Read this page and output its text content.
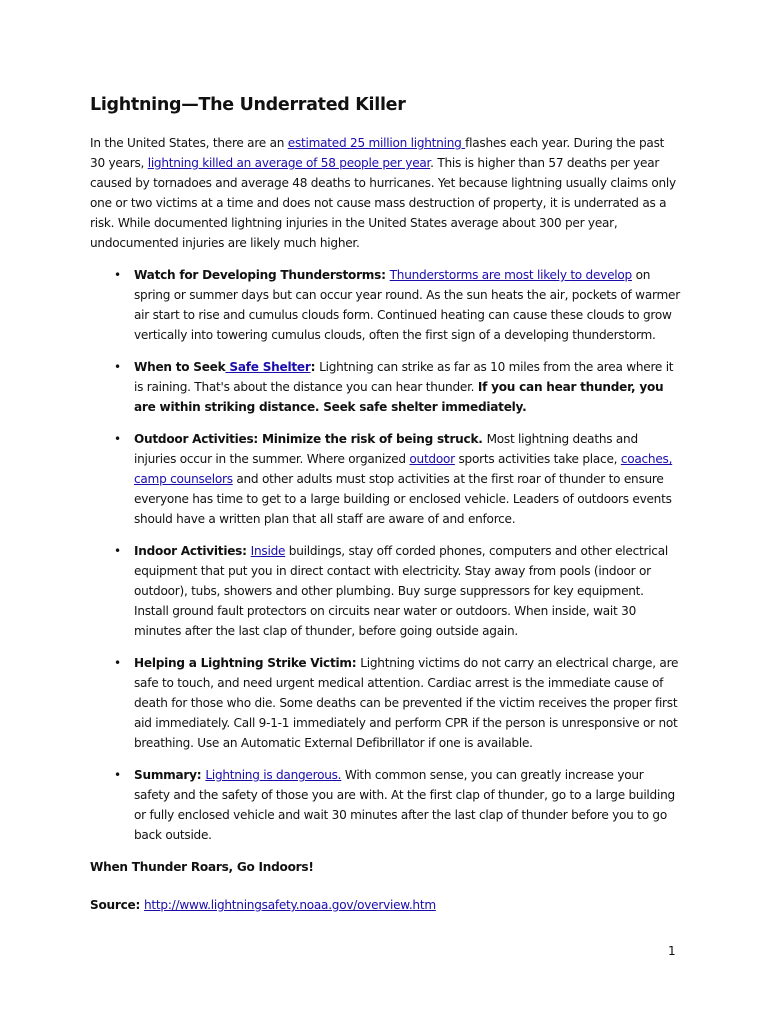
Lightning—The Underrated Killer

In the United States, there are an estimated 25 million lightning flashes each year. During the past 30 years, lightning killed an average of 58 people per year. This is higher than 57 deaths per year caused by tornadoes and average 48 deaths to hurricanes. Yet because lightning usually claims only one or two victims at a time and does not cause mass destruction of property, it is underrated as a risk. While documented lightning injuries in the United States average about 300 per year, undocumented injuries are likely much higher.

• Watch for Developing Thunderstorms: Thunderstorms are most likely to develop on spring or summer days but can occur year round. As the sun heats the air, pockets of warmer air start to rise and cumulus clouds form. Continued heating can cause these clouds to grow vertically into towering cumulus clouds, often the first sign of a developing thunderstorm.
• When to Seek Safe Shelter: Lightning can strike as far as 10 miles from the area where it is raining. That's about the distance you can hear thunder. If you can hear thunder, you are within striking distance. Seek safe shelter immediately.
• Outdoor Activities: Minimize the risk of being struck. Most lightning deaths and injuries occur in the summer. Where organized outdoor sports activities take place, coaches, camp counselors and other adults must stop activities at the first roar of thunder to ensure everyone has time to get to a large building or enclosed vehicle. Leaders of outdoors events should have a written plan that all staff are aware of and enforce.
• Indoor Activities: Inside buildings, stay off corded phones, computers and other electrical equipment that put you in direct contact with electricity. Stay away from pools (indoor or outdoor), tubs, showers and other plumbing. Buy surge suppressors for key equipment. Install ground fault protectors on circuits near water or outdoors. When inside, wait 30 minutes after the last clap of thunder, before going outside again.
• Helping a Lightning Strike Victim: Lightning victims do not carry an electrical charge, are safe to touch, and need urgent medical attention. Cardiac arrest is the immediate cause of death for those who die. Some deaths can be prevented if the victim receives the proper first aid immediately. Call 9-1-1 immediately and perform CPR if the person is unresponsive or not breathing. Use an Automatic External Defibrillator if one is available.
• Summary: Lightning is dangerous. With common sense, you can greatly increase your safety and the safety of those you are with. At the first clap of thunder, go to a large building or fully enclosed vehicle and wait 30 minutes after the last clap of thunder before you to go back outside.

When Thunder Roars, Go Indoors!

Source: http://www.lightningsafety.noaa.gov/overview.htm

1
